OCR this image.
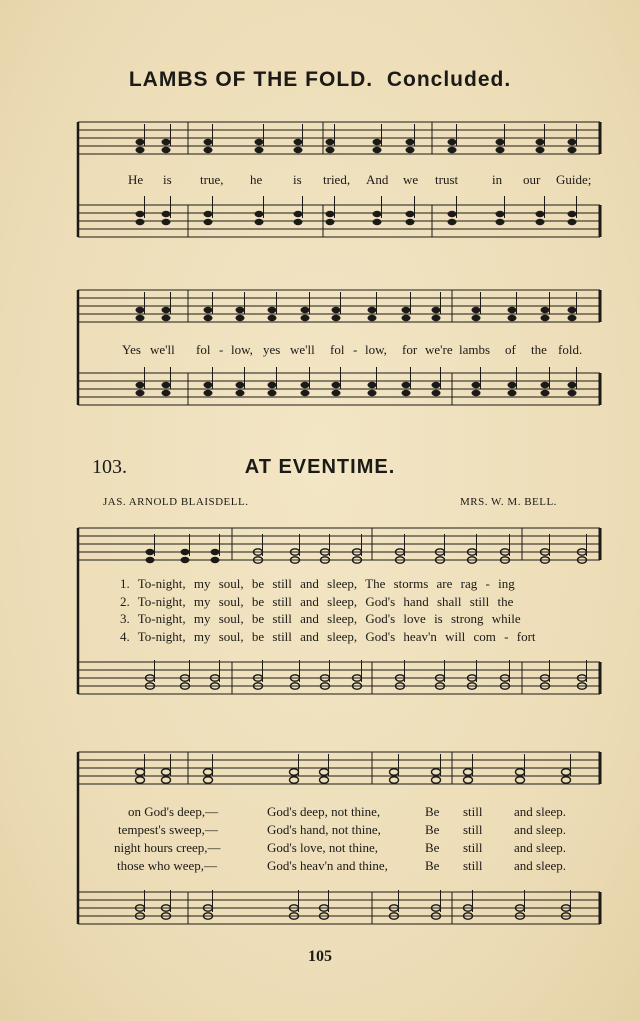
LAMBS OF THE FOLD. Concluded.
He is true, he is tried, And we trust	in our Guide;
Yes we'll fol - low, yes we'll fol - low, for we're lambs of the fold.
103.	AT EVENTIME.
JAS. ARNOLD BLAISDELL.	MRS. W. M. BELL.
1. To-night, my soul, be still and sleep, The storms are rag - ing
2. To-night, my soul, be still and sleep, God's hand shall still the
3. To-night, my soul, be still and sleep, God's love is strong while
4. To-night, my soul, be still and sleep, God's heav'n will com - fort
on God's deep,—	God's deep, not thine,	Be still and sleep.
tempest's sweep,—	God's hand, not thine,	Be still and sleep.
night hours creep,—	God's love, not thine,	Be still and sleep.
those who weep,—	God's heav'n and thine,	Be still and sleep.
105
